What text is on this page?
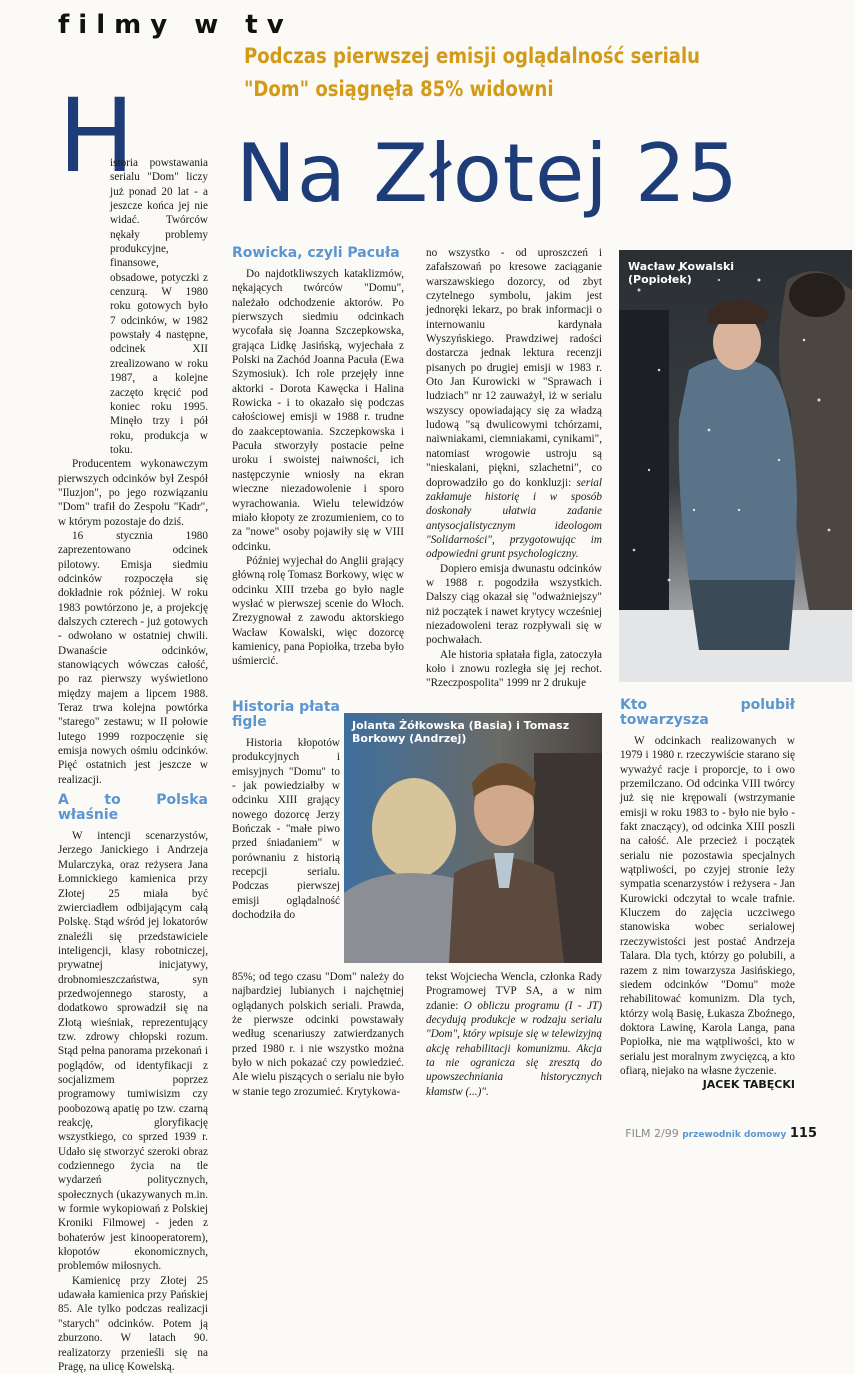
filmy w tv
Podczas pierwszej emisji oglądalność serialu "Dom" osiągnęła 85% widowni
H Na Złotej 25

istoria powstawania serialu "Dom" liczy już ponad 20 lat - a jeszcze końca jej nie widać. Twórców nękały problemy produkcyjne, finansowe, obsadowe, potyczki z cenzurą. W 1980 roku gotowych było 7 odcinków, w 1982 powstały 4 następne, odcinek XII zrealizowano w roku 1987, a kolejne zaczęto kręcić pod koniec roku 1995. Minęło trzy i pół roku, produkcja w toku.

Producentem wykonawczym pierwszych odcinków był Zespół "Iluzjon", po jego rozwiązaniu "Dom" trafił do Zespołu "Kadr", w którym pozostaje do dziś.

16 stycznia 1980 zaprezentowano odcinek pilotowy. Emisja siedmiu odcinków rozpoczęła się dokładnie rok później. W roku 1983 powtórzono je, a projekcję dalszych czterech - już gotowych - odwołano w ostatniej chwili. Dwanaście odcinków, stanowiących wówczas całość, po raz pierwszy wyświetlono między majem a lipcem 1988. Teraz trwa kolejna powtórka "starego" zestawu; w II połowie lutego 1999 rozpoczęnie się emisja nowych ośmiu odcinków. Pięć ostatnich jest jeszcze w realizacji.

A to Polska właśnie

W intencji scenarzystów, Jerzego Janickiego i Andrzeja Mularczyka, oraz reżysera Jana Łomnickiego kamienica przy Złotej 25 miała być zwierciadłem odbijającym całą Polskę. Stąd wśród jej lokatorów znaleźli się przedstawiciele inteligencji, klasy robotniczej, prywatnej inicjatywy, drobnomieszczaństwa, syn przedwojennego starosty, a dodatkowo sprowadził się na Złotą wieśniak, reprezentujący tzw. zdrowy chłopski rozum. Stąd pełna panorama przekonań i poglądów, od identyfikacji z socjalizmem poprzez programowy tumiwisizm czy poobozową apatię po tzw. czarną reakcję, gloryfikację wszystkiego, co sprzed 1939 r. Udało się stworzyć szeroki obraz codziennego życia na tle wydarzeń politycznych, społecznych (ukazywanych m.in. w formie wykopiowań z Polskiej Kroniki Filmowej - jeden z bohaterów jest kinooperatorem), kłopotów ekonomicznych, problemów miłosnych.

Kamienicę przy Złotej 25 udawała kamienica przy Pańskiej 85. Ale tylko podczas realizacji "starych" odcinków. Potem ją zburzono. W latach 90. realizatorzy przenieśli się na Pragę, na ulicę Kowelską.

Rowicka, czyli Pacuła

Do najdotkliwszych kataklizmów, nękających twórców "Domu", należało odchodzenie aktorów. Po pierwszych siedmiu odcinkach wycofała się Joanna Szczepkowska, grająca Lidkę Jasińską, wyjechała z Polski na Zachód Joanna Pacuła (Ewa Szymosiuk). Ich role przejęły inne aktorki - Dorota Kawęcka i Halina Rowicka - i to okazało się podczas całościowej emisji w 1988 r. trudne do zaakceptowania. Szczepkowska i Pacuła stworzyły postacie pełne uroku i swoistej naiwności, ich następczynie wniosły na ekran wieczne niezadowolenie i sporo wyrachowania. Wielu telewidzów miało kłopoty ze zrozumieniem, co to za "nowe" osoby pojawiły się w VIII odcinku.

Później wyjechał do Anglii grający główną rolę Tomasz Borkowy, więc w odcinku XIII trzeba go było nagle wysłać w pierwszej scenie do Włoch. Zrezygnował z zawodu aktorskiego Wacław Kowalski, więc dozorcę kamienicy, pana Popiołka, trzeba było uśmiercić.

Historia płata figle

Historia kłopotów produkcyjnych i emisyjnych "Domu" to - jak powiedziałby w odcinku XIII grający nowego dozorcę Jerzy Bończak - "małe piwo przed śniadaniem" w porównaniu z historią recepcji serialu. Podczas pierwszej emisji oglądalność dochodziła do

85%; od tego czasu "Dom" należy do najbardziej lubianych i najchętniej oglądanych polskich seriali. Prawda, że pierwsze odcinki powstawały według scenariuszy zatwierdzanych przed 1980 r. i nie wszystko można było w nich pokazać czy powiedzieć. Ale wielu piszących o serialu nie było w stanie tego zrozumieć. Krytykowa-

no wszystko - od uproszczeń i zafałszowań po kresowe zaciąganie warszawskiego dozorcy, od zbyt czytelnego symbolu, jakim jest jednoręki lekarz, po brak informacji o internowaniu kardynała Wyszyńskiego. Prawdziwej radości dostarcza jednak lektura recenzji pisanych po drugiej emisji w 1983 r. Oto Jan Kurowicki w "Sprawach i ludziach" nr 12 zauważył, iż w serialu wszyscy opowiadający się za władzą ludową "są dwulicowymi tchórzami, naiwniakami, ciemniakami, cynikami", natomiast wrogowie ustroju są "nieskalani, piękni, szlachetni", co doprowadziło go do konkluzji: serial zakłamuje historię i w sposób doskonały ułatwia zadanie antysocjalistycznym ideologom "Solidarności", przygotowując im odpowiedni grunt psychologiczny.

Dopiero emisja dwunastu odcinków w 1988 r. pogodziła wszystkich. Dalszy ciąg okazał się "odważniejszy" niż początek i nawet krytycy wcześniej niezadowoleni teraz rozpływali się w pochwałach.

Ale historia spłatała figla, zatoczyła koło i znowu rozległa się jej rechot. "Rzeczpospolita" 1999 nr 2 drukuje

tekst Wojciecha Wencla, członka Rady Programowej TVP SA, a w nim zdanie: O obliczu programu (I - JT) decydują produkcje w rodzaju serialu "Dom", który wpisuje się w telewizyjną akcję rehabilitacji komunizmu. Akcja ta nie ogranicza się zresztą do upowszechniania historycznych kłamstw (...)".

Kto polubił towarzysza

W odcinkach realizowanych w 1979 i 1980 r. rzeczywiście starano się wyważyć racje i proporcje, to i owo przemilczano. Od odcinka VIII twórcy już się nie krępowali (wstrzymanie emisji w roku 1983 to - było nie było - fakt znaczący), od odcinka XIII poszli na całość. Ale przecież i początek serialu nie pozostawia specjalnych wątpliwości, po czyjej stronie leży sympatia scenarzystów i reżysera - Jan Kurowicki odczytał to wcale trafnie. Kluczem do zajęcia uczciwego stanowiska wobec serialowej rzeczywistości jest postać Andrzeja Talara. Dla tych, którzy go polubili, a razem z nim towarzysza Jasińskiego, siedem odcinków "Domu" może rehabilitować komunizm. Dla tych, którzy wolą Basię, Łukasza Zboźnego, doktora Lawinę, Karola Langa, pana Popiołka, nie ma wątpliwości, kto w serialu jest moralnym zwycięzcą, a kto ofiarą, niejako na własne życzenie.

JACEK TABĘCKI
Wacław Kowalski (Popiołek)
Jolanta Żółkowska (Basia) i Tomasz Borkowy (Andrzej)
FILM 2/99 przewodnik domowy 115
